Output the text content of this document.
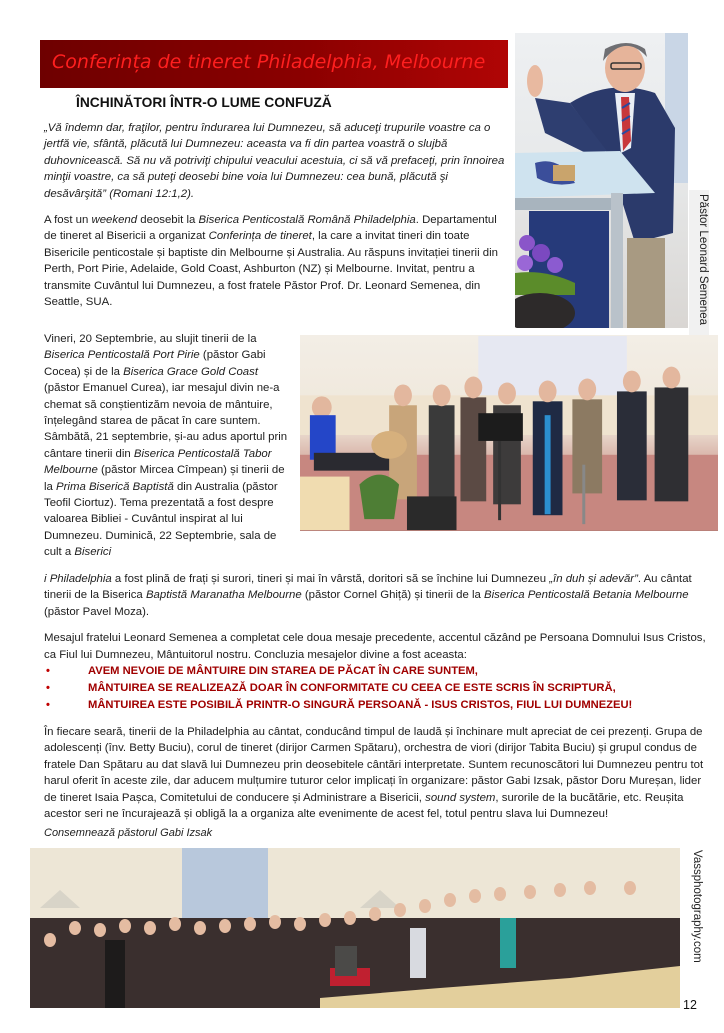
Conferința de tineret Philadelphia, Melbourne
ÎNCHINĂTORI ÎNTR-O LUME CONFUZĂ

„Vă îndemn dar, fraţilor, pentru îndurarea lui Dumnezeu, să aduceţi trupurile voastre ca o jertfă vie, sfântă, plăcută lui Dumnezeu: aceasta va fi din partea voastră o slujbă duhovnicească. Să nu vă potriviţi chipului veacului acestuia, ci să vă prefaceţi, prin înnoirea minţii voastre, ca să puteţi deosebi bine voia lui Dumnezeu: cea bună, plăcută şi desăvârşită” (Romani 12:1,2).

A fost un weekend deosebit la Biserica Penticostală Română Philadelphia. Departamentul de tineret al Bisericii a organizat Conferința de tineret, la care a invitat tineri din toate Bisericile penticostale și baptiste din Melbourne și Australia. Au răspuns invitației tinerii din Perth, Port Pirie, Adelaide, Gold Coast, Ashburton (NZ) și Melbourne. Invitat, pentru a transmite Cuvântul lui Dumnezeu, a fost fratele Păstor Prof. Dr. Leonard Semenea, din Seattle, SUA.	Păstor Leonard Semenea

Vineri, 20 Septembrie, au slujit tinerii de la Biserica Penticostală Port Pirie (păstor Gabi Cocea) și de la Biserica Grace Gold Coast (păstor Emanuel Curea), iar mesajul divin ne-a chemat să conștientizăm nevoia de mântuire, înțelegând starea de păcat în care suntem. Sâmbătă, 21 septembrie, și-au adus aportul prin cântare tinerii din Biserica Penticostală Tabor Melbourne (păstor Mircea Cîmpean) și tinerii de la Prima Biserică Baptistă din Australia (păstor Teofil Ciortuz). Tema prezentată a fost despre valoarea Bibliei - Cuvântul inspirat al lui Dumnezeu. Duminică, 22 Septembrie, sala de cult a Biserici

i Philadelphia a fost plină de frați și surori, tineri și mai în vârstă, doritori să se închine lui Dumnezeu „în duh și adevăr”. Au cântat tinerii de la Biserica Baptistă Maranatha Melbourne (păstor Cornel Ghiță) și tinerii de la Biserica Penticostală Betania Melbourne (păstor Pavel Moza).

Mesajul fratelui Leonard Semenea a completat cele doua mesaje precedente, accentul căzând pe Persoana Domnului Isus Cristos, ca Fiul lui Dumnezeu, Mântuitorul nostru. Concluzia mesajelor divine a fost aceasta:

•	AVEM NEVOIE DE MÂNTUIRE DIN STAREA DE PĂCAT ÎN CARE SUNTEM,
•	MÂNTUIREA SE REALIZEAZĂ DOAR ÎN CONFORMITATE CU CEEA CE ESTE SCRIS ÎN SCRIPTURĂ,
•	MÂNTUIREA ESTE POSIBILĂ PRINTR-O SINGURĂ PERSOANĂ - ISUS CRISTOS, FIUL LUI DUMNEZEU!

În fiecare seară, tinerii de la Philadelphia au cântat, conducând timpul de laudă și închinare mult apreciat de cei prezenți. Grupa de adolescenți (înv. Betty Buciu), corul de tineret (dirijor Carmen Spătaru), orchestra de viori (dirijor Tabita Buciu) și grupul condus de fratele Dan Spătaru au dat slavă lui Dumnezeu prin deosebitele cântări interpretate. Suntem recunoscători lui Dumnezeu pentru tot harul oferit în aceste zile, dar aducem mulțumire tuturor celor implicați în organizare: păstor Gabi Izsak, păstor Doru Mureșan, lider de tineret Isaia Pașca, Comitetului de conducere și Administrare a Bisericii, sound system, surorile de la bucătărie, etc. Reușita acestor seri ne încurajează și obligă la a organiza alte evenimente de acest fel, totul pentru slava lui Dumnezeu!

Consemnează păstorul Gabi Izsak
Vassphotography.com
12
